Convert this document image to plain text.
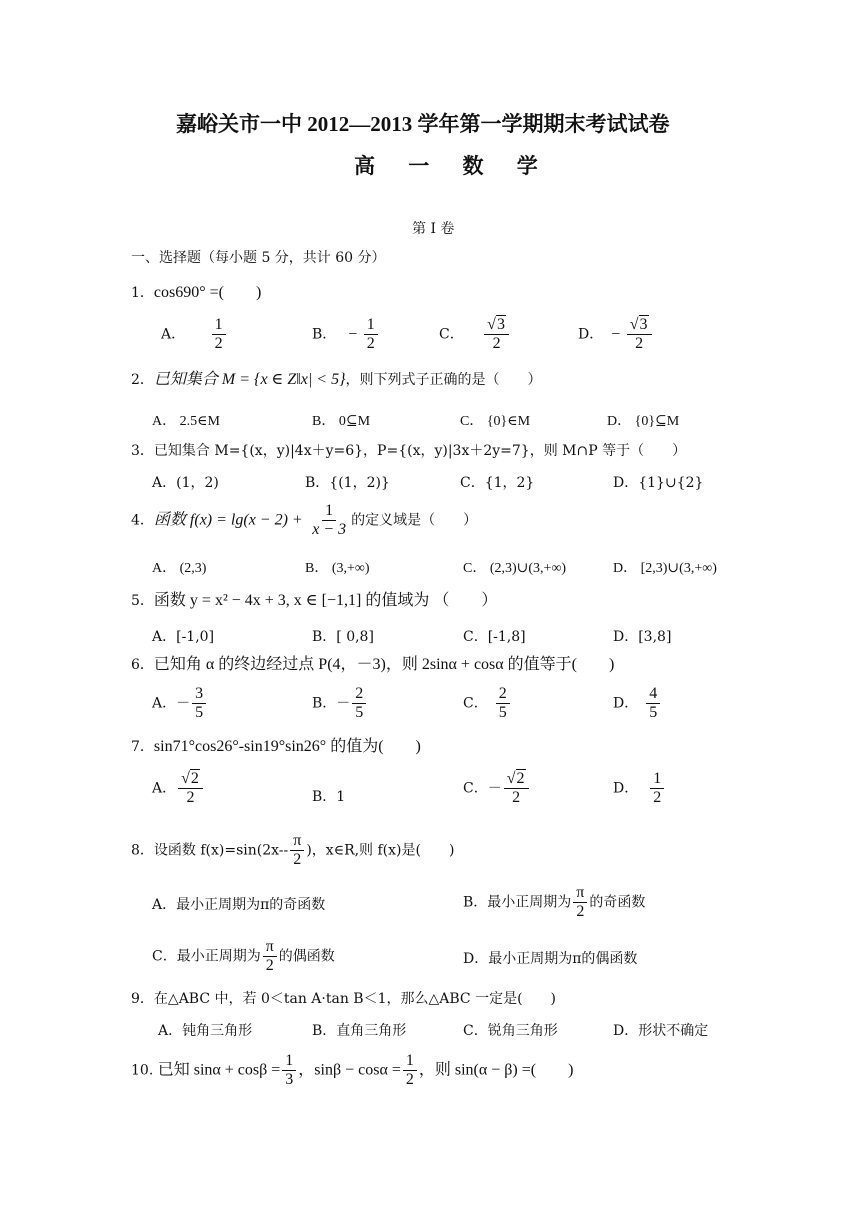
嘉峪关市一中 2012—2013 学年第一学期期末考试试卷
高 一 数 学
第 I 卷
一、选择题（每小题 5 分，共计 60 分）
1．cos690° =(　　)
A． $\frac{1}{2}$	B． − $\frac{1}{2}$	C． $\frac{√3}{2}$	D． − $\frac{√3}{2}$
2．已知集合 M = {x ∈ Z‖x| < 5}，则下列式子正确的是（　　）
A． 2.5∈M	B． 0⊆M	C． {0}∈M	D． {0}⊆M
3．已知集合 M={(x，y)|4x＋y=6}，P={(x，y)|3x＋2y=7}，则 M∩P 等于（　　）
A．(1，2)	B．{(1，2)}	C．{1，2}	D．{1}∪{2}
4．函数 $f(x) = \lg(x - 2) + \frac{1}{x - 3}$ 的定义域是（　　）
A． (2,3)	B． (3,+∞)	C． (2,3)∪(3,+∞)	D． [2,3)∪(3,+∞)
5．函数 y = x² − 4x + 3, x ∈ [−1,1] 的值域为 （　　）
A．[-1,0]	B．[ 0,8]	C．[-1,8]	D．[3,8]
6．已知角 α 的终边经过点 P(4，－3)，则 2sinα + cosα 的值等于(　　)
A．－ $\frac{3}{5}$	B．－ $\frac{2}{5}$	C． $\frac{2}{5}$	D． $\frac{4}{5}$
7．sin71°cos26°-sin19°sin26° 的值为(　　)
A． $\frac{√2}{2}$	B．1
C．－ $\frac{√2}{2}$	D． $\frac{1}{2}$
8．设函数 $f(x)=\sin(2x-- \frac{\pi}{2}$ )，x∈R,则 f(x)是(　　)
A．最小正周期为π的奇函数	B．最小正周期为 $\frac{\pi}{2}$ 的奇函数
C．最小正周期为 $\frac{\pi}{2}$ 的偶函数	D．最小正周期为π的偶函数
9．在△ABC 中，若 0＜tan A·tan B＜1，那么△ABC 一定是(　　)
A．钝角三角形	B．直角三角形	C．锐角三角形	D．形状不确定
10. 已知 $\sin\alpha + \cos\beta = \frac{1}{3}$ ，$\sin\beta - \cos\alpha = \frac{1}{2}$ ，则 sin(α − β) =(　　)
